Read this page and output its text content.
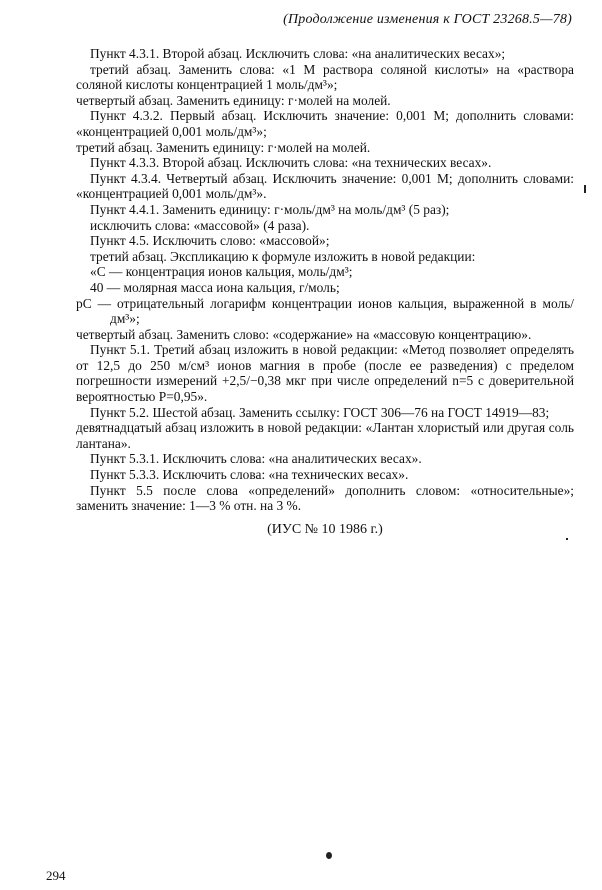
(Продолжение изменения к ГОСТ 23268.5—78)

Пункт 4.3.1. Второй абзац. Исключить слова: «на аналитических весах»;

третий абзац. Заменить слова: «1 М раствора соляной кислоты» на «раствора соляной кислоты концентрацией 1 моль/дм³»;

четвертый абзац. Заменить единицу: г·молей на молей.

Пункт 4.3.2. Первый абзац. Исключить значение: 0,001 М; дополнить словами: «концентрацией 0,001 моль/дм³»;

третий абзац. Заменить единицу: г·молей на молей.

Пункт 4.3.3. Второй абзац. Исключить слова: «на технических весах».

Пункт 4.3.4. Четвертый абзац. Исключить значение: 0,001 М; дополнить словами: «концентрацией 0,001 моль/дм³».

Пункт 4.4.1. Заменить единицу: г·моль/дм³ на моль/дм³ (5 раз);

исключить слова: «массовой» (4 раза).

Пункт 4.5. Исключить слово: «массовой»;

третий абзац. Экспликацию к формуле изложить в новой редакции:

«C — концентрация ионов кальция, моль/дм³;

40 — молярная масса иона кальция, г/моль;

pC — отрицательный логарифм концентрации ионов кальция, выраженной в моль/дм³»;

четвертый абзац. Заменить слово: «содержание» на «массовую концентрацию».

Пункт 5.1. Третий абзац изложить в новой редакции: «Метод позволяет определять от 12,5 до 250 м/см³ ионов магния в пробе (после ее разведения) с пределом погрешности измерений +2,5/−0,38 мкг при числе определений n=5 с доверительной вероятностью P=0,95».

Пункт 5.2. Шестой абзац. Заменить ссылку: ГОСТ 306—76 на ГОСТ 14919—83;

девятнадцатый абзац изложить в новой редакции: «Лантан хлористый или другая соль лантана».

Пункт 5.3.1. Исключить слова: «на аналитических весах».

Пункт 5.3.3. Исключить слова: «на технических весах».

Пункт 5.5 после слова «определений» дополнить словом: «относительные»; заменить значение: 1—3 % отн. на 3 %.

(ИУС № 10 1986 г.)

294
